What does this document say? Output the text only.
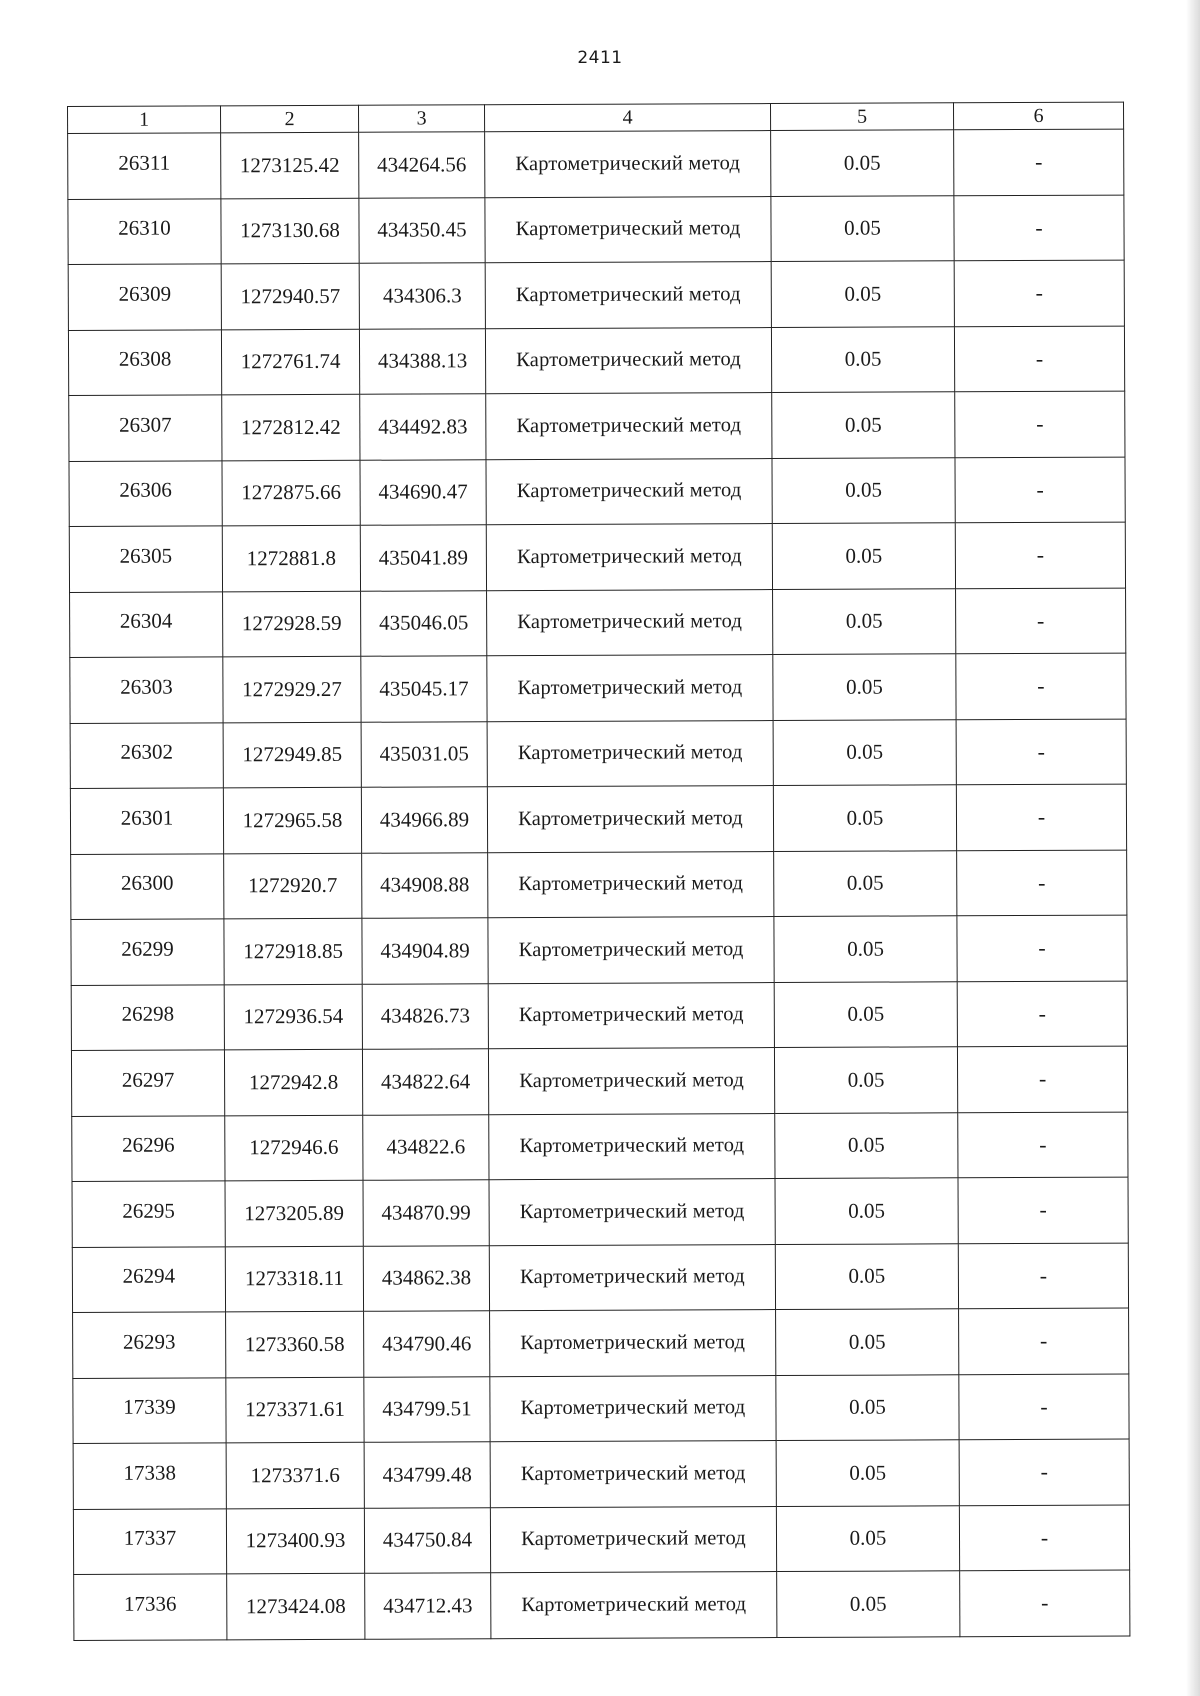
2411
1	2	3	4	5	6
26311	1273125.42	434264.56	Картометрический метод	0.05	-
26310	1273130.68	434350.45	Картометрический метод	0.05	-
26309	1272940.57	434306.3	Картометрический метод	0.05	-
26308	1272761.74	434388.13	Картометрический метод	0.05	-
26307	1272812.42	434492.83	Картометрический метод	0.05	-
26306	1272875.66	434690.47	Картометрический метод	0.05	-
26305	1272881.8	435041.89	Картометрический метод	0.05	-
26304	1272928.59	435046.05	Картометрический метод	0.05	-
26303	1272929.27	435045.17	Картометрический метод	0.05	-
26302	1272949.85	435031.05	Картометрический метод	0.05	-
26301	1272965.58	434966.89	Картометрический метод	0.05	-
26300	1272920.7	434908.88	Картометрический метод	0.05	-
26299	1272918.85	434904.89	Картометрический метод	0.05	-
26298	1272936.54	434826.73	Картометрический метод	0.05	-
26297	1272942.8	434822.64	Картометрический метод	0.05	-
26296	1272946.6	434822.6	Картометрический метод	0.05	-
26295	1273205.89	434870.99	Картометрический метод	0.05	-
26294	1273318.11	434862.38	Картометрический метод	0.05	-
26293	1273360.58	434790.46	Картометрический метод	0.05	-
17339	1273371.61	434799.51	Картометрический метод	0.05	-
17338	1273371.6	434799.48	Картометрический метод	0.05	-
17337	1273400.93	434750.84	Картометрический метод	0.05	-
17336	1273424.08	434712.43	Картометрический метод	0.05	-
